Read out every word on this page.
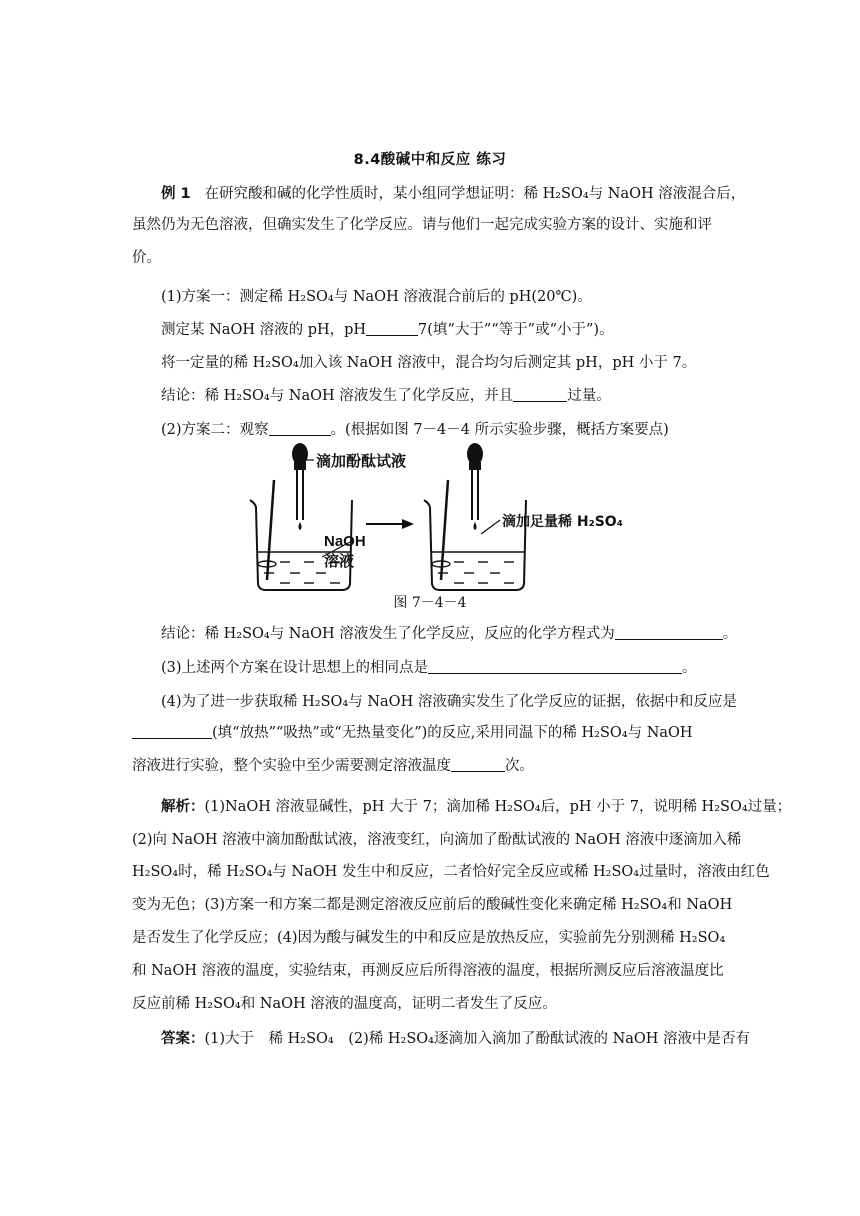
8.4酸碱中和反应 练习
例 1 在研究酸和碱的化学性质时，某小组同学想证明：稀 H₂SO₄与 NaOH 溶液混合后，
虽然仍为无色溶液，但确实发生了化学反应。请与他们一起完成实验方案的设计、实施和评
价。
(1)方案一：测定稀 H₂SO₄与 NaOH 溶液混合前后的 pH(20℃)。
测定某 NaOH 溶液的 pH，pH	7(填“大于”“等于”或“小于”)。
将一定量的稀 H₂SO₄加入该 NaOH 溶液中，混合均匀后测定其 pH，pH 小于 7。
结论：稀 H₂SO₄与 NaOH 溶液发生了化学反应，并且	过量。
(2)方案二：观察	。(根据如图 7－4－4 所示实验步骤，概括方案要点)
滴加酚酞试液
NaOH
溶液
滴加足量稀 H₂SO₄
图 7－4－4
结论：稀 H₂SO₄与 NaOH 溶液发生了化学反应，反应的化学方程式为	。
(3)上述两个方案在设计思想上的相同点是	。
(4)为了进一步获取稀 H₂SO₄与 NaOH 溶液确实发生了化学反应的证据，依据中和反应是
(填“放热”“吸热”或“无热量变化”)的反应,采用同温下的稀 H₂SO₄与 NaOH
溶液进行实验，整个实验中至少需要测定溶液温度	次。
解析：(1)NaOH 溶液显碱性，pH 大于 7；滴加稀 H₂SO₄后，pH 小于 7，说明稀 H₂SO₄过量；
(2)向 NaOH 溶液中滴加酚酞试液，溶液变红，向滴加了酚酞试液的 NaOH 溶液中逐滴加入稀
H₂SO₄时，稀 H₂SO₄与 NaOH 发生中和反应，二者恰好完全反应或稀 H₂SO₄过量时，溶液由红色
变为无色；(3)方案一和方案二都是测定溶液反应前后的酸碱性变化来确定稀 H₂SO₄和 NaOH
是否发生了化学反应；(4)因为酸与碱发生的中和反应是放热反应，实验前先分别测稀 H₂SO₄
和 NaOH 溶液的温度，实验结束，再测反应后所得溶液的温度，根据所测反应后溶液温度比
反应前稀 H₂SO₄和 NaOH 溶液的温度高，证明二者发生了反应。
答案：(1)大于　稀 H₂SO₄　(2)稀 H₂SO₄逐滴加入滴加了酚酞试液的 NaOH 溶液中是否有
